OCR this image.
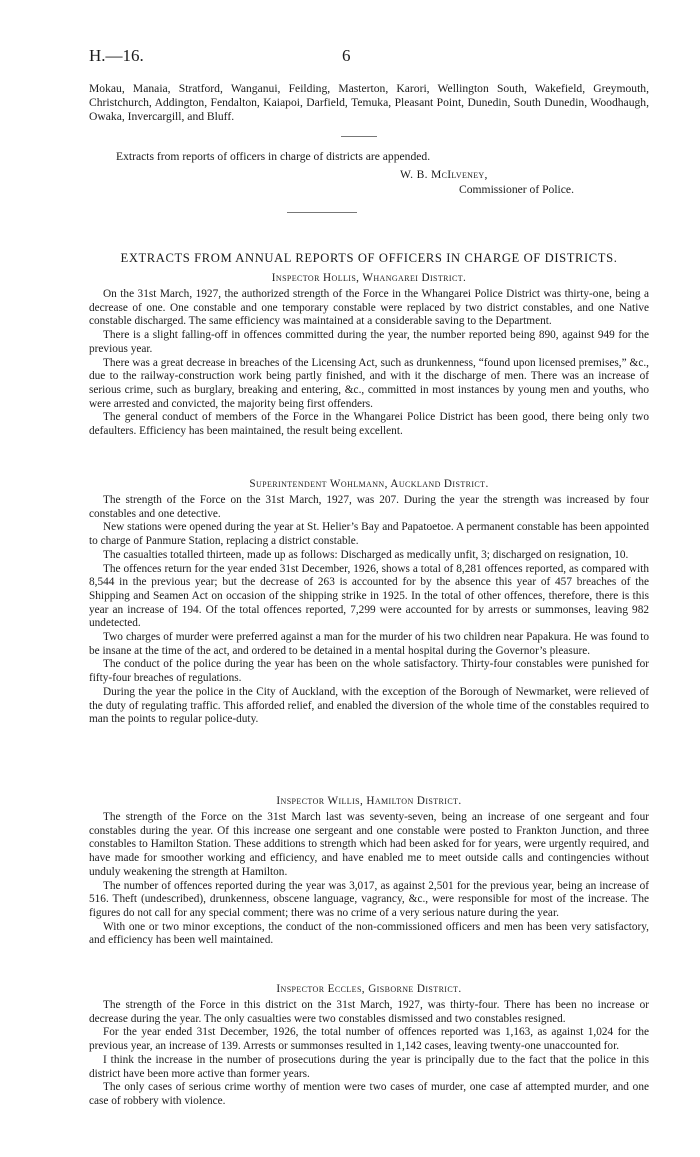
H.—16.	6

Mokau, Manaia, Stratford, Wanganui, Feilding, Masterton, Karori, Wellington South, Wakefield, Greymouth, Christchurch, Addington, Fendalton, Kaiapoi, Darfield, Temuka, Pleasant Point, Dunedin, South Dunedin, Woodhaugh, Owaka, Invercargill, and Bluff.

Extracts from reports of officers in charge of districts are appended.
W. B. McIlveney,
Commissioner of Police.
EXTRACTS FROM ANNUAL REPORTS OF OFFICERS IN CHARGE OF DISTRICTS.
Inspector Hollis, Whangarei District.

On the 31st March, 1927, the authorized strength of the Force in the Whangarei Police District was thirty-one, being a decrease of one. One constable and one temporary constable were replaced by two district constables, and one Native constable discharged. The same efficiency was maintained at a considerable saving to the Department.

There is a slight falling-off in offences committed during the year, the number reported being 890, against 949 for the previous year.

There was a great decrease in breaches of the Licensing Act, such as drunkenness, “found upon licensed premises,” &c., due to the railway-construction work being partly finished, and with it the discharge of men. There was an increase of serious crime, such as burglary, breaking and entering, &c., committed in most instances by young men and youths, who were arrested and convicted, the majority being first offenders.

The general conduct of members of the Force in the Whangarei Police District has been good, there being only two defaulters. Efficiency has been maintained, the result being excellent.

Superintendent Wohlmann, Auckland District.

The strength of the Force on the 31st March, 1927, was 207. During the year the strength was increased by four constables and one detective.

New stations were opened during the year at St. Helier’s Bay and Papatoetoe. A permanent constable has been appointed to charge of Panmure Station, replacing a district constable.

The casualties totalled thirteen, made up as follows: Discharged as medically unfit, 3; discharged on resignation, 10.

The offences return for the year ended 31st December, 1926, shows a total of 8,281 offences reported, as compared with 8,544 in the previous year; but the decrease of 263 is accounted for by the absence this year of 457 breaches of the Shipping and Seamen Act on occasion of the shipping strike in 1925. In the total of other offences, therefore, there is this year an increase of 194. Of the total offences reported, 7,299 were accounted for by arrests or summonses, leaving 982 undetected.

Two charges of murder were preferred against a man for the murder of his two children near Papakura. He was found to be insane at the time of the act, and ordered to be detained in a mental hospital during the Governor’s pleasure.

The conduct of the police during the year has been on the whole satisfactory. Thirty-four constables were punished for fifty-four breaches of regulations.

During the year the police in the City of Auckland, with the exception of the Borough of Newmarket, were relieved of the duty of regulating traffic. This afforded relief, and enabled the diversion of the whole time of the constables required to man the points to regular police-duty.

Inspector Willis, Hamilton District.

The strength of the Force on the 31st March last was seventy-seven, being an increase of one sergeant and four constables during the year. Of this increase one sergeant and one constable were posted to Frankton Junction, and three constables to Hamilton Station. These additions to strength which had been asked for for years, were urgently required, and have made for smoother working and efficiency, and have enabled me to meet outside calls and contingencies without unduly weakening the strength at Hamilton.

The number of offences reported during the year was 3,017, as against 2,501 for the previous year, being an increase of 516. Theft (undescribed), drunkenness, obscene language, vagrancy, &c., were responsible for most of the increase. The figures do not call for any special comment; there was no crime of a very serious nature during the year.

With one or two minor exceptions, the conduct of the non-commissioned officers and men has been very satisfactory, and efficiency has been well maintained.

Inspector Eccles, Gisborne District.

The strength of the Force in this district on the 31st March, 1927, was thirty-four. There has been no increase or decrease during the year. The only casualties were two constables dismissed and two constables resigned.

For the year ended 31st December, 1926, the total number of offences reported was 1,163, as against 1,024 for the previous year, an increase of 139. Arrests or summonses resulted in 1,142 cases, leaving twenty-one unaccounted for.

I think the increase in the number of prosecutions during the year is principally due to the fact that the police in this district have been more active than former years.

The only cases of serious crime worthy of mention were two cases of murder, one case af attempted murder, and one case of robbery with violence.
